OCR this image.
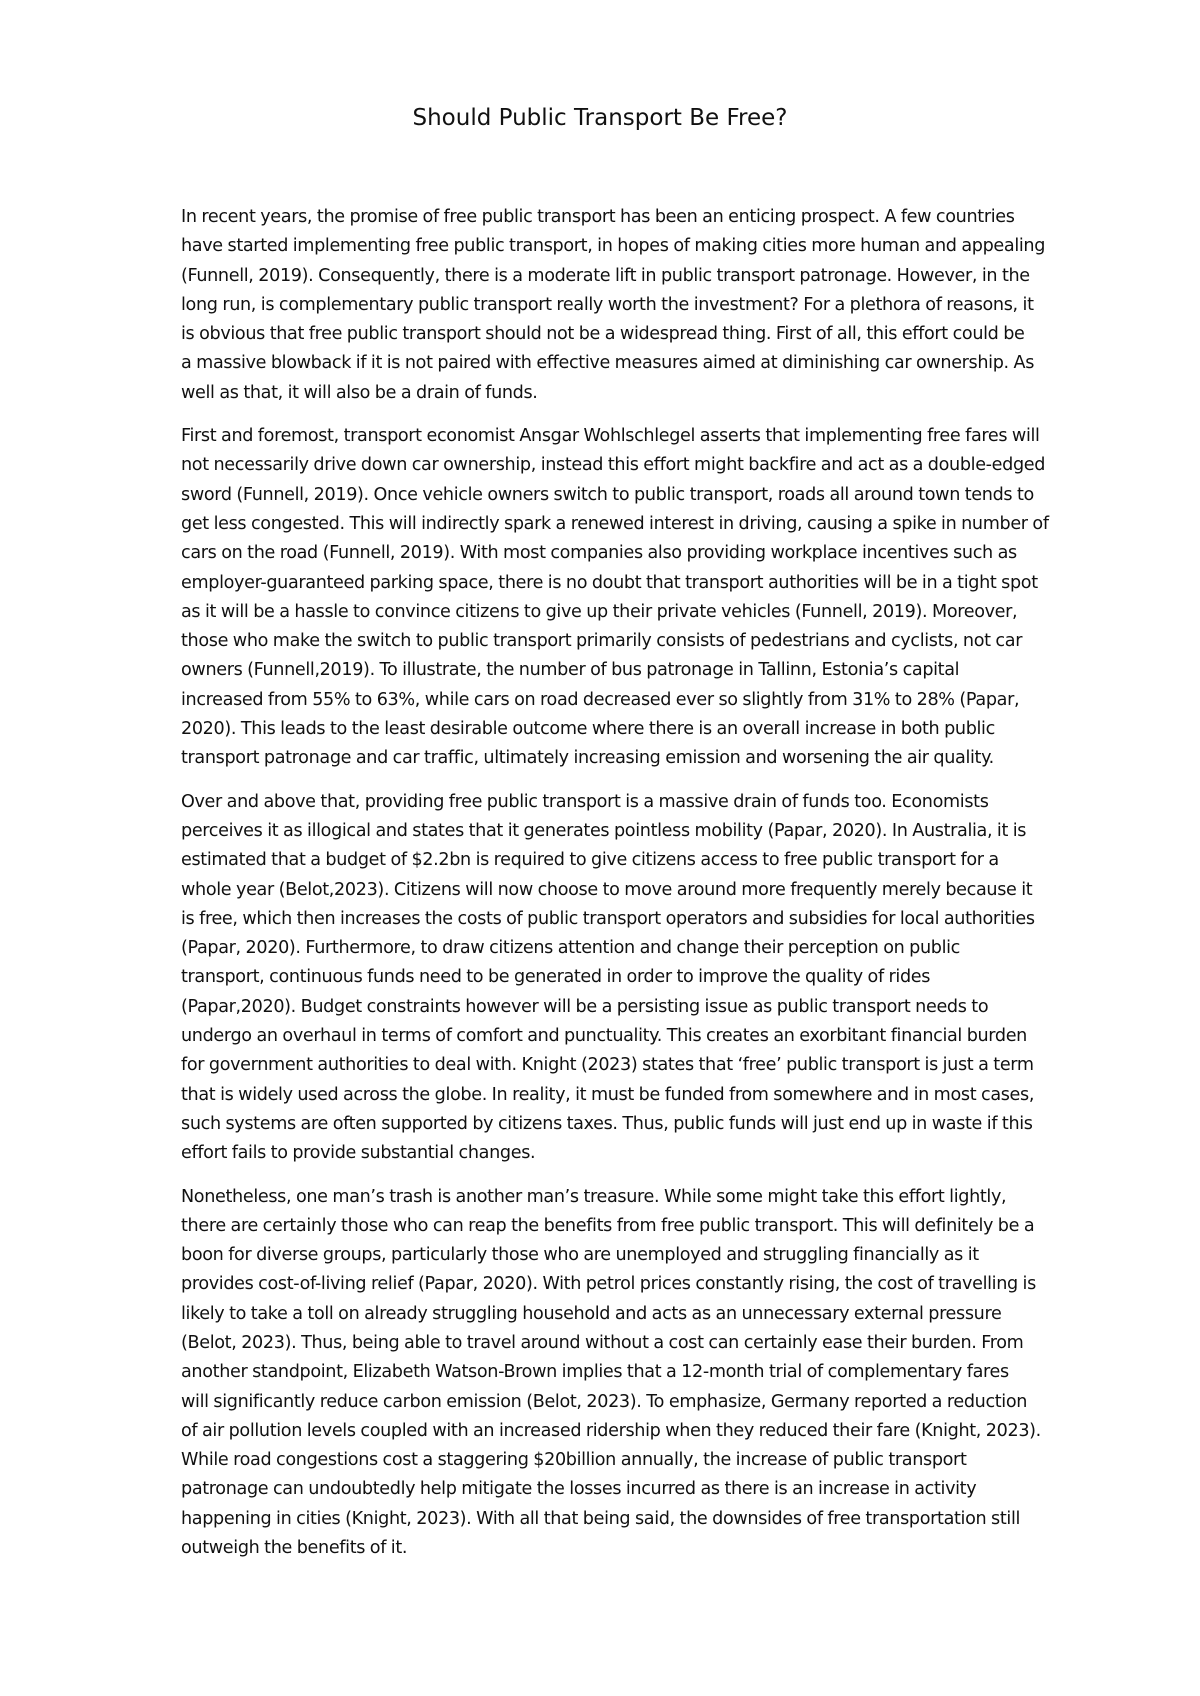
Should Public Transport Be Free?

In recent years, the promise of free public transport has been an enticing prospect. A few countries
have started implementing free public transport, in hopes of making cities more human and appealing
(Funnell, 2019). Consequently, there is a moderate lift in public transport patronage. However, in the
long run, is complementary public transport really worth the investment? For a plethora of reasons, it
is obvious that free public transport should not be a widespread thing. First of all, this effort could be
a massive blowback if it is not paired with effective measures aimed at diminishing car ownership. As
well as that, it will also be a drain of funds.

First and foremost, transport economist Ansgar Wohlschlegel asserts that implementing free fares will
not necessarily drive down car ownership, instead this effort might backfire and act as a double-edged
sword (Funnell, 2019). Once vehicle owners switch to public transport, roads all around town tends to
get less congested. This will indirectly spark a renewed interest in driving, causing a spike in number of
cars on the road (Funnell, 2019). With most companies also providing workplace incentives such as
employer-guaranteed parking space, there is no doubt that transport authorities will be in a tight spot
as it will be a hassle to convince citizens to give up their private vehicles (Funnell, 2019). Moreover,
those who make the switch to public transport primarily consists of pedestrians and cyclists, not car
owners (Funnell,2019). To illustrate, the number of bus patronage in Tallinn, Estonia’s capital
increased from 55% to 63%, while cars on road decreased ever so slightly from 31% to 28% (Papar,
2020). This leads to the least desirable outcome where there is an overall increase in both public
transport patronage and car traffic, ultimately increasing emission and worsening the air quality.

Over and above that, providing free public transport is a massive drain of funds too. Economists
perceives it as illogical and states that it generates pointless mobility (Papar, 2020). In Australia, it is
estimated that a budget of $2.2bn is required to give citizens access to free public transport for a
whole year (Belot,2023). Citizens will now choose to move around more frequently merely because it
is free, which then increases the costs of public transport operators and subsidies for local authorities
(Papar, 2020). Furthermore, to draw citizens attention and change their perception on public
transport, continuous funds need to be generated in order to improve the quality of rides
(Papar,2020). Budget constraints however will be a persisting issue as public transport needs to
undergo an overhaul in terms of comfort and punctuality. This creates an exorbitant financial burden
for government authorities to deal with. Knight (2023) states that ‘free’ public transport is just a term
that is widely used across the globe. In reality, it must be funded from somewhere and in most cases,
such systems are often supported by citizens taxes. Thus, public funds will just end up in waste if this
effort fails to provide substantial changes.

Nonetheless, one man’s trash is another man’s treasure. While some might take this effort lightly,
there are certainly those who can reap the benefits from free public transport. This will definitely be a
boon for diverse groups, particularly those who are unemployed and struggling financially as it
provides cost-of-living relief (Papar, 2020). With petrol prices constantly rising, the cost of travelling is
likely to take a toll on already struggling household and acts as an unnecessary external pressure
(Belot, 2023). Thus, being able to travel around without a cost can certainly ease their burden. From
another standpoint, Elizabeth Watson-Brown implies that a 12-month trial of complementary fares
will significantly reduce carbon emission (Belot, 2023). To emphasize, Germany reported a reduction
of air pollution levels coupled with an increased ridership when they reduced their fare (Knight, 2023).
While road congestions cost a staggering $20billion annually, the increase of public transport
patronage can undoubtedly help mitigate the losses incurred as there is an increase in activity
happening in cities (Knight, 2023). With all that being said, the downsides of free transportation still
outweigh the benefits of it.
